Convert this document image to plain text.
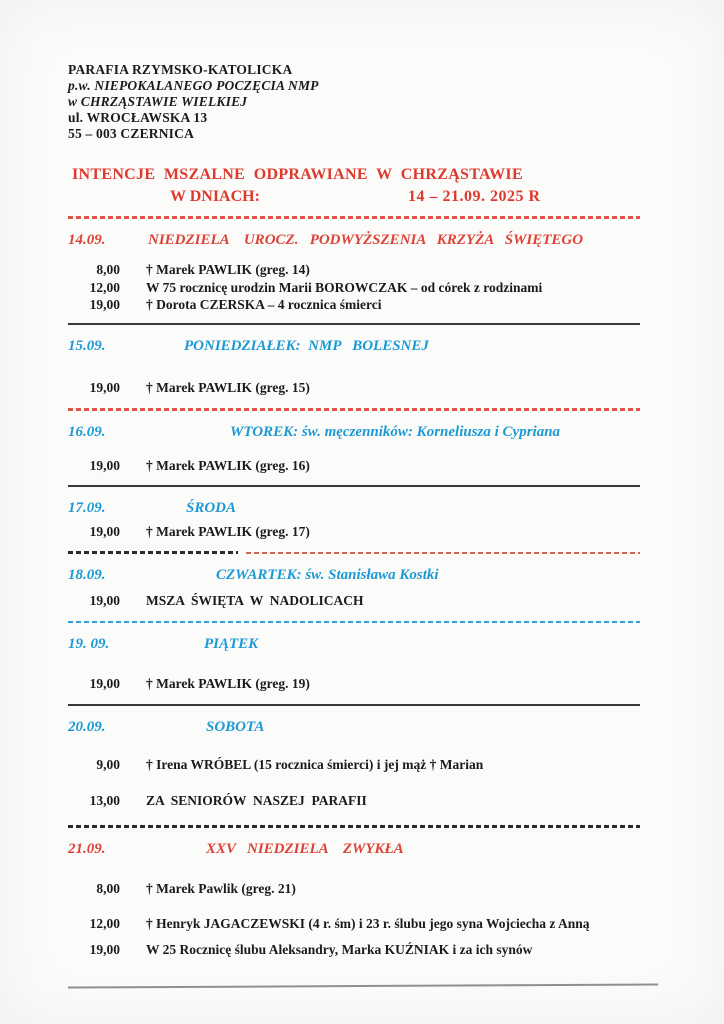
PARAFIA RZYMSKO-KATOLICKA
p.w. NIEPOKALANEGO POCZĘCIA NMP
w CHRZĄSTAWIE WIELKIEJ
ul. WROCŁAWSKA 13
55 – 003 CZERNICA
INTENCJE  MSZALNE  ODPRAWIANE  W  CHRZĄSTAWIE
W DNIACH:	14 – 21.09. 2025 R
14.09.	NIEDZIELA    UROCZ.   PODWYŻSZENIA   KRZYŻA   ŚWIĘTEGO
8,00 † Marek PAWLIK (greg. 14)
12,00 W 75 rocznicę urodzin Marii BOROWCZAK – od córek z rodzinami
19,00 † Dorota CZERSKA – 4 rocznica śmierci
15.09.	PONIEDZIAŁEK:  NMP   BOLESNEJ
19,00 † Marek PAWLIK (greg. 15)
16.09.	WTOREK: św. męczenników: Korneliusza i Cypriana
19,00 † Marek PAWLIK (greg. 16)
17.09.	ŚRODA
19,00 † Marek PAWLIK (greg. 17)
18.09.	CZWARTEK: św. Stanisława Kostki
19,00 MSZA  ŚWIĘTA  W  NADOLICACH
19. 09.	PIĄTEK
19,00 † Marek PAWLIK (greg. 19)
20.09.	SOBOTA
9,00 † Irena WRÓBEL (15 rocznica śmierci) i jej mąż † Marian
13,00 ZA  SENIORÓW  NASZEJ  PARAFII
21.09.	XXV   NIEDZIELA    ZWYKŁA
8,00 † Marek Pawlik (greg. 21)
12,00 † Henryk JAGACZEWSKI (4 r. śm) i 23 r. ślubu jego syna Wojciecha z Anną
19,00 W 25 Rocznicę ślubu Aleksandry, Marka KUŹNIAK i za ich synów
